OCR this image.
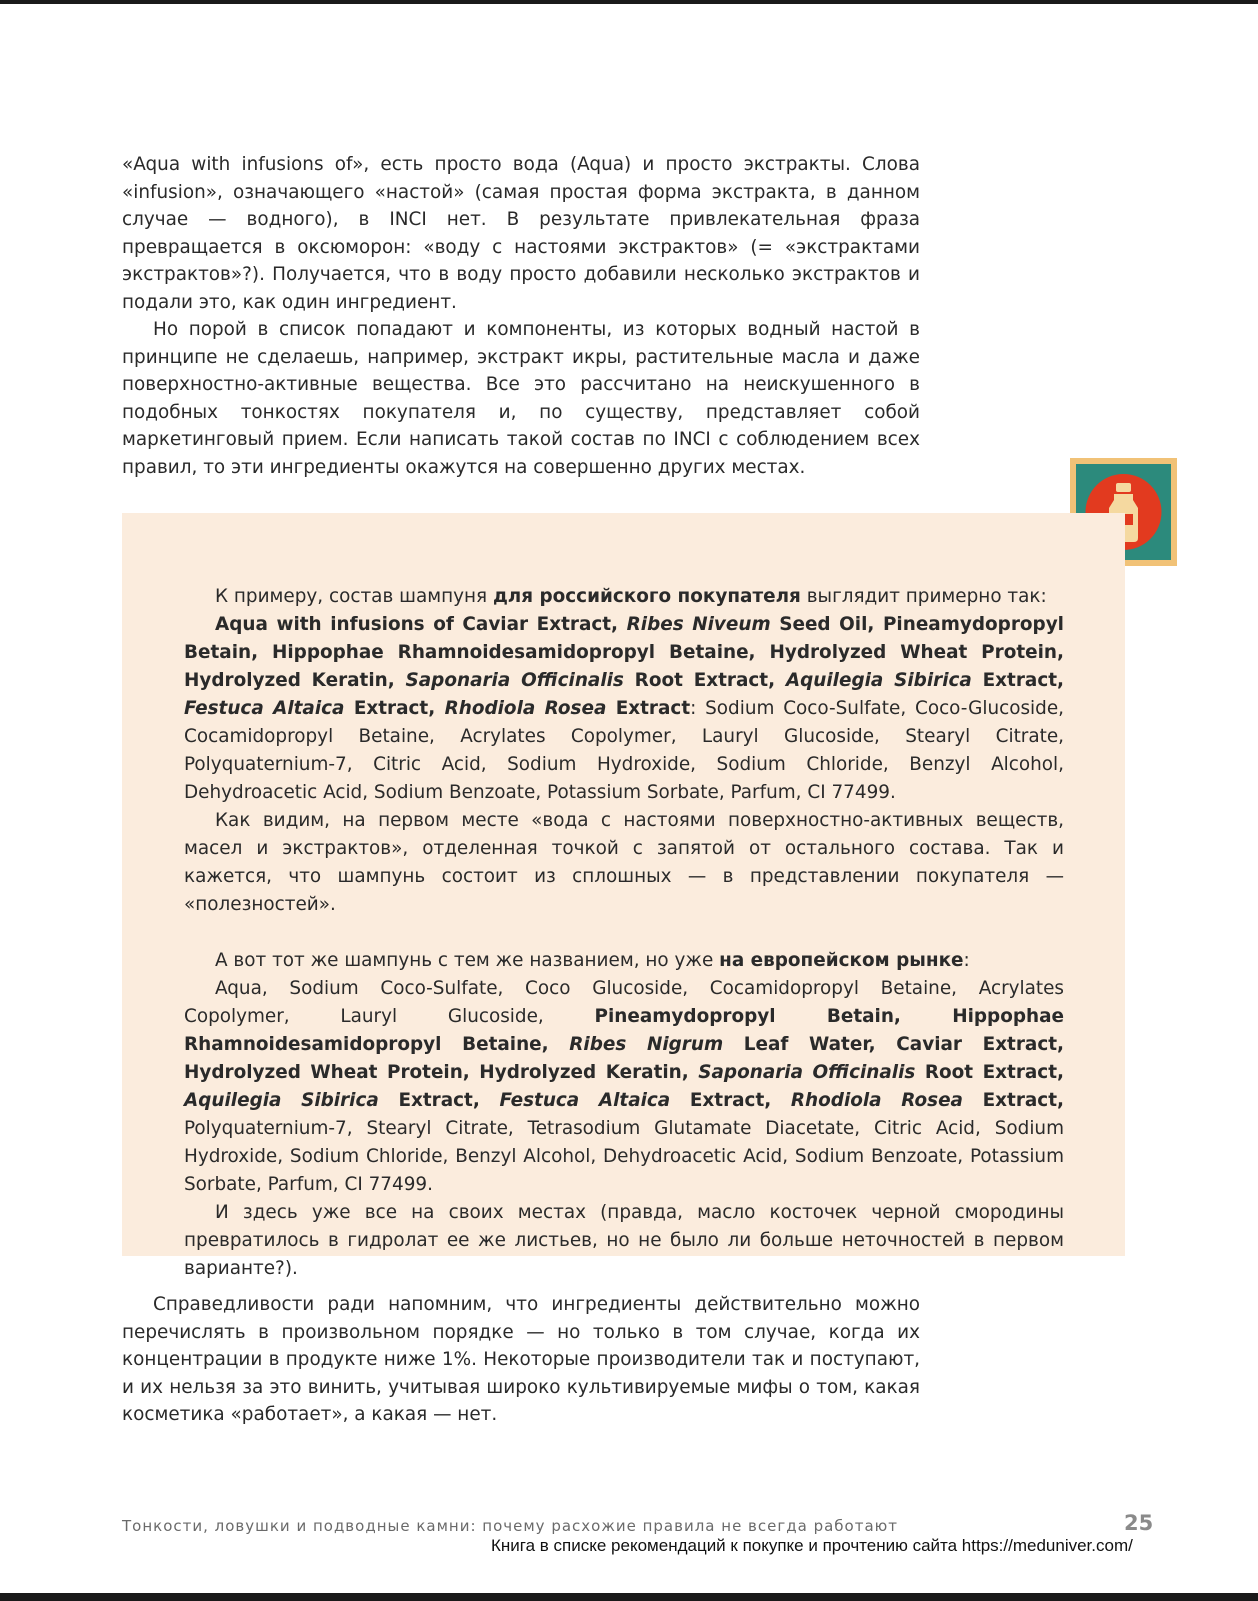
«Aqua with infusions of», есть просто вода (Aqua) и просто экстракты. Слова «infusion», означающего «настой» (самая простая форма экстракта, в данном случае — водного), в INCI нет. В результате привлекательная фраза превращается в оксюморон: «воду с настоями экстрактов» (= «экстрактами экстрактов»?). Получается, что в воду просто добавили несколько экстрактов и подали это, как один ингредиент.

Но порой в список попадают и компоненты, из которых водный настой в принципе не сделаешь, например, экстракт икры, растительные масла и даже поверхностно-активные вещества. Все это рассчитано на неискушенного в подобных тонкостях покупателя и, по существу, представляет собой маркетинговый прием. Если написать такой состав по INCI с соблюдением всех правил, то эти ингредиенты окажутся на совершенно других местах.

К примеру, состав шампуня для российского покупателя выглядит примерно так:

Aqua with infusions of Caviar Extract, Ribes Niveum Seed Oil, Pineamydopropyl Betain, Hippophae Rhamnoidesamidopropyl Betaine, Hydrolyzed Wheat Protein, Hydrolyzed Keratin, Saponaria Officinalis Root Extract, Aquilegia Sibirica Extract, Festuca Altaica Extract, Rhodiola Rosea Extract: Sodium Coco-Sulfate, Coco-Glucoside, Cocamidopropyl Betaine, Acrylates Copolymer, Lauryl Glucoside, Stearyl Citrate, Polyquaternium-7, Citric Acid, Sodium Hydroxide, Sodium Chloride, Benzyl Alcohol, Dehydroacetic Acid, Sodium Benzoate, Potassium Sorbate, Parfum, CI 77499.

Как видим, на первом месте «вода с настоями поверхностно-активных веществ, масел и экстрактов», отделенная точкой с запятой от остального состава. Так и кажется, что шампунь состоит из сплошных — в представлении покупателя — «полезностей».

А вот тот же шампунь с тем же названием, но уже на европейском рынке:

Aqua, Sodium Coco-Sulfate, Coco Glucoside, Cocamidopropyl Betaine, Acrylates Copolymer, Lauryl Glucoside, Pineamydopropyl Betain, Hippophae Rhamnoidesamidopropyl Betaine, Ribes Nigrum Leaf Water, Caviar Extract, Hydrolyzed Wheat Protein, Hydrolyzed Keratin, Saponaria Officinalis Root Extract, Aquilegia Sibirica Extract, Festuca Altaica Extract, Rhodiola Rosea Extract, Polyquaternium-7, Stearyl Citrate, Tetrasodium Glutamate Diacetate, Citric Acid, Sodium Hydroxide, Sodium Chloride, Benzyl Alcohol, Dehydroacetic Acid, Sodium Benzoate, Potassium Sorbate, Parfum, CI 77499.

И здесь уже все на своих местах (правда, масло косточек черной смородины превратилось в гидролат ее же листьев, но не было ли больше неточностей в первом варианте?).

Справедливости ради напомним, что ингредиенты действительно можно перечислять в произвольном порядке — но только в том случае, когда их концентрации в продукте ниже 1%. Некоторые производители так и поступают, и их нельзя за это винить, учитывая широко культивируемые мифы о том, какая косметика «работает», а какая — нет.

Тонкости, ловушки и подводные камни: почему расхожие правила не всегда работают	25
Книга в списке рекомендаций к покупке и прочтению сайта https://meduniver.com/
